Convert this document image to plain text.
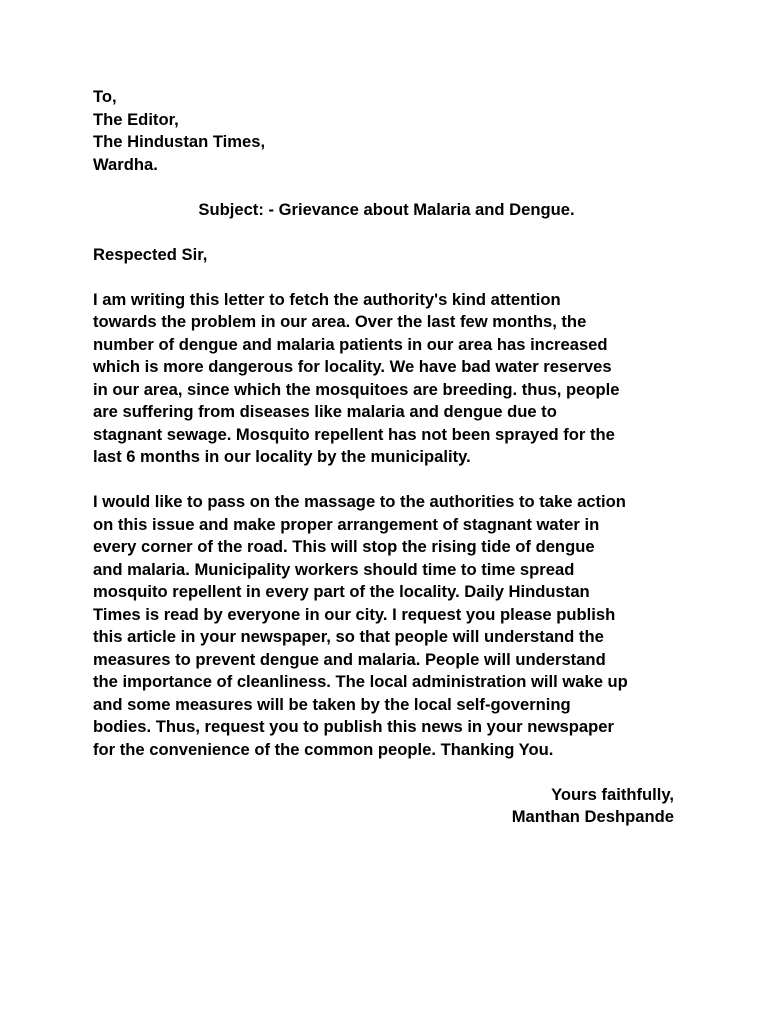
To,
The Editor,
The Hindustan Times,
Wardha.
Subject: - Grievance about Malaria and Dengue.
Respected Sir,
I am writing this letter to fetch the authority's kind attention
towards the problem in our area. Over the last few months, the
number of dengue and malaria patients in our area has increased
which is more dangerous for locality. We have bad water reserves
in our area, since which the mosquitoes are breeding. thus, people
are suffering from diseases like malaria and dengue due to
stagnant sewage. Mosquito repellent has not been sprayed for the
last 6 months in our locality by the municipality.
I would like to pass on the massage to the authorities to take action
on this issue and make proper arrangement of stagnant water in
every corner of the road. This will stop the rising tide of dengue
and malaria. Municipality workers should time to time spread
mosquito repellent in every part of the locality. Daily Hindustan
Times is read by everyone in our city. I request you please publish
this article in your newspaper, so that people will understand the
measures to prevent dengue and malaria. People will understand
the importance of cleanliness. The local administration will wake up
and some measures will be taken by the local self-governing
bodies. Thus, request you to publish this news in your newspaper
for the convenience of the common people. Thanking You.
Yours faithfully,
Manthan Deshpande
